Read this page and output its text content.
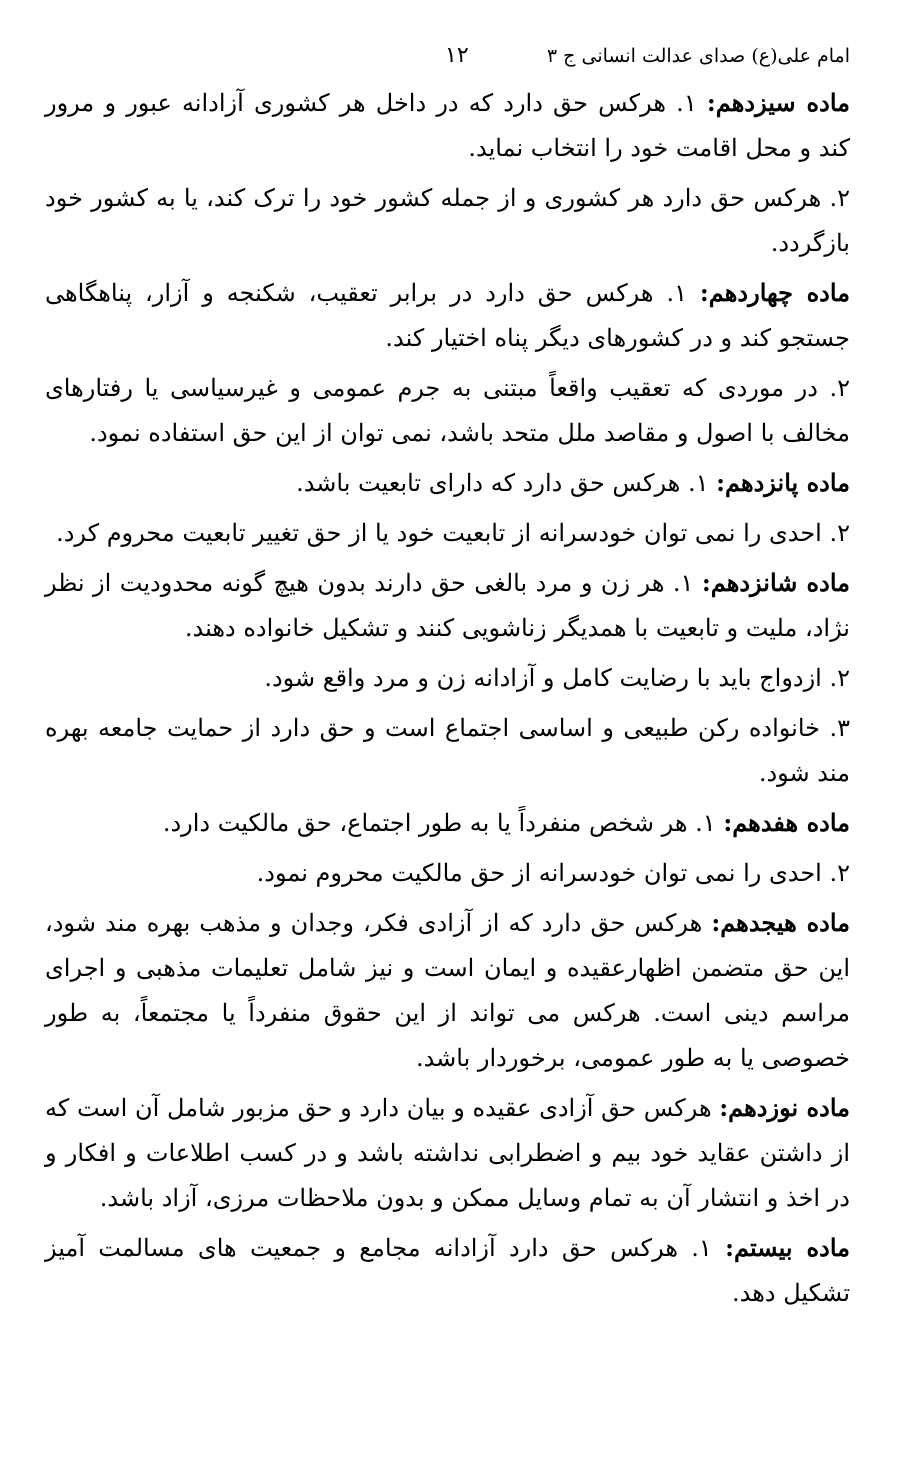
امام علی(ع) صدای عدالت انسانی ج ۳
۱۲

ماده سیزدهم: ۱. هرکس حق دارد که در داخل هر کشوری آزادانه عبور و مرور کند و محل اقامت خود را انتخاب نماید.

۲. هرکس حق دارد هر کشوری و از جمله کشور خود را ترک کند، یا به کشور خود بازگردد.

ماده چهاردهم: ۱. هرکس حق دارد در برابر تعقیب، شکنجه و آزار، پناهگاهی جستجو کند و در کشورهای دیگر پناه اختیار کند.

۲. در موردی که تعقیب واقعاً مبتنی به جرم عمومی و غیرسیاسی یا رفتارهای مخالف با اصول و مقاصد ملل متحد باشد، نمی توان از این حق استفاده نمود.

ماده پانزدهم: ۱. هرکس حق دارد که دارای تابعیت باشد.

۲. احدی را نمی توان خودسرانه از تابعیت خود یا از حق تغییر تابعیت محروم کرد.

ماده شانزدهم: ۱. هر زن و مرد بالغی حق دارند بدون هیچ گونه محدودیت از نظر نژاد، ملیت و تابعیت با همدیگر زناشویی کنند و تشکیل خانواده دهند.

۲. ازدواج باید با رضایت کامل و آزادانه زن و مرد واقع شود.

۳. خانواده رکن طبیعی و اساسی اجتماع است و حق دارد از حمایت جامعه بهره مند شود.

ماده هفدهم: ۱. هر شخص منفرداً یا به طور اجتماع، حق مالکیت دارد.

۲. احدی را نمی توان خودسرانه از حق مالکیت محروم نمود.

ماده هیجدهم: هرکس حق دارد که از آزادی فکر، وجدان و مذهب بهره مند شود، این حق متضمن اظهارعقیده و ایمان است و نیز شامل تعلیمات مذهبی و اجرای مراسم دینی است. هرکس می تواند از این حقوق منفرداً یا مجتمعاً، به طور خصوصی یا به طور عمومی، برخوردار باشد.

ماده نوزدهم: هرکس حق آزادی عقیده و بیان دارد و حق مزبور شامل آن است که از داشتن عقاید خود بیم و اضطرابی نداشته باشد و در کسب اطلاعات و افکار و در اخذ و انتشار آن به تمام وسایل ممکن و بدون ملاحظات مرزی، آزاد باشد.

ماده بیستم: ۱. هرکس حق دارد آزادانه مجامع و جمعیت های مسالمت آمیز تشکیل دهد.
